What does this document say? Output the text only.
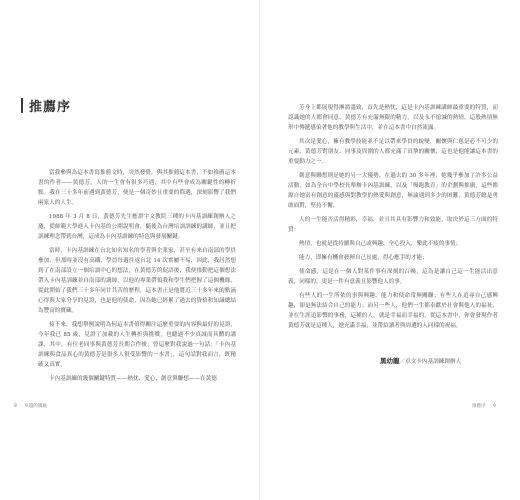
推薦序

當我參與為這本書寫推薦文時，突然發覺，與其推薦這本書，不如推薦這本書的作者——黃德芳。人的一生會有很多巧遇，其中有些會成為關鍵性的轉折點。我在三十多年前遇到黃德芳，便是一個奇妙且重要的際遇，深刻影響了我們兩家人的人生。

1988 年 3 月 8 日，黃德芳先生應群宇文教院三種的卡內基訓練創辦人之邀，從師範大學進入卡內基的公開說明會，隨後為台灣培訓訓練的講師，並且把訓練理念帶到台灣，這成為卡內基訓練的特色與發展關鍵。

當時，卡內基訓練在台北知名知名的學者與企業家，甚至有來自南部的學員參加，但那時並沒有高鐵，學員每週往返台北 14 次實屬不易，因此，我居然想到了在南部設立一個培訓中心的想法，在黃德芳的促語後，我便推動把這個想法帶入卡內基訓練並自南部的講師，以他的專業帶領我和學生們把握了這個機緣，從此開始了我們三十多年同甘共苦的歷程，這本書正是他將近三十多年來的點滴心得與大家分享的見證，也是他的使命，因為她已經累了過去的資格和知識總結為豐富的寶藏。

接下來，我想舉例說明為何這本書值得關注這麼重要的內容與最好的見證，今年我已 85 歲，見證了加載的人生轉折與挑戰，也聽過不少真誠而具體的講課，其中，有位老同事與黃德芳長期合作後，曾這麼對我說過一句話：「卡內基訓練與食品真心的黃德芳是很多人很受影響的一本書」，這句話對我而言，既精確又真實。

卡內基訓練的幾個關鍵特質——熱忱、愛心、創意與聯想——在黃德

8 卓越的溝通

芳身上都展現得淋漓盡致，首先是熱忱，這是卡內基訓練講師最重要的特質，而認識她的人都會同意，黃德芳有充滿無限的精力，以及永不熄滅的熱情，這股熱情無形中傳遞感染著他的教學與生活中，並在這本書中自然流露。

其次是愛心，擁有教學技能並不足以帶來學員的蛻變，關懷與仁慈是必不可少的元素，黃德芳對朋友、同事及周圍的人都充滿了真摯的關懷，這也是他能讓這本書的重要動力之一。

創意與聯想則是她的另一大優勢。在過去的 30 多年裡，她幾乎參加了許多公益活動，如為全台中學校長舉辦卡內基訓練，以及「慢跑教育」的企劃與推廣，這些都源自她富有創意的靈感與對教學的熱愛與創意，無論遇到多少的困難，黃德芳總是勇敢面對，堅持不懈。

人的一生能否活得精彩，幸福，並且其具有影響力和效能，取決於這三方面的特質：

熱情，也就是從持續與自己或興趣、全心投入，樂此不疲的事情；

能力，即擁有機會發揮自己長處，得心應手的才能；

使命感，這是在一個人對某件事有深刻的召喚，這為是讓自己這一生能活出意義，同樣的，更是一件有意義且影響他人的事。

有些人的一生所依的事與興趣、能力和使命常無關聯；有些人在追尋自己感興趣，卻是無法結合自己的能力；而另一些人，他們一生都奉獻於社會與他人的福祉，並在生涯追影響的事務，這種的人，就是幸福而幸福的，從這本書中，你會發現作者黃德芳就是這種人，她充滿幸福，並帶給讀者與周遭的人同樣的祝福。

黑幼龍／卓文卡內基訓練創辦人
推薦序 9
